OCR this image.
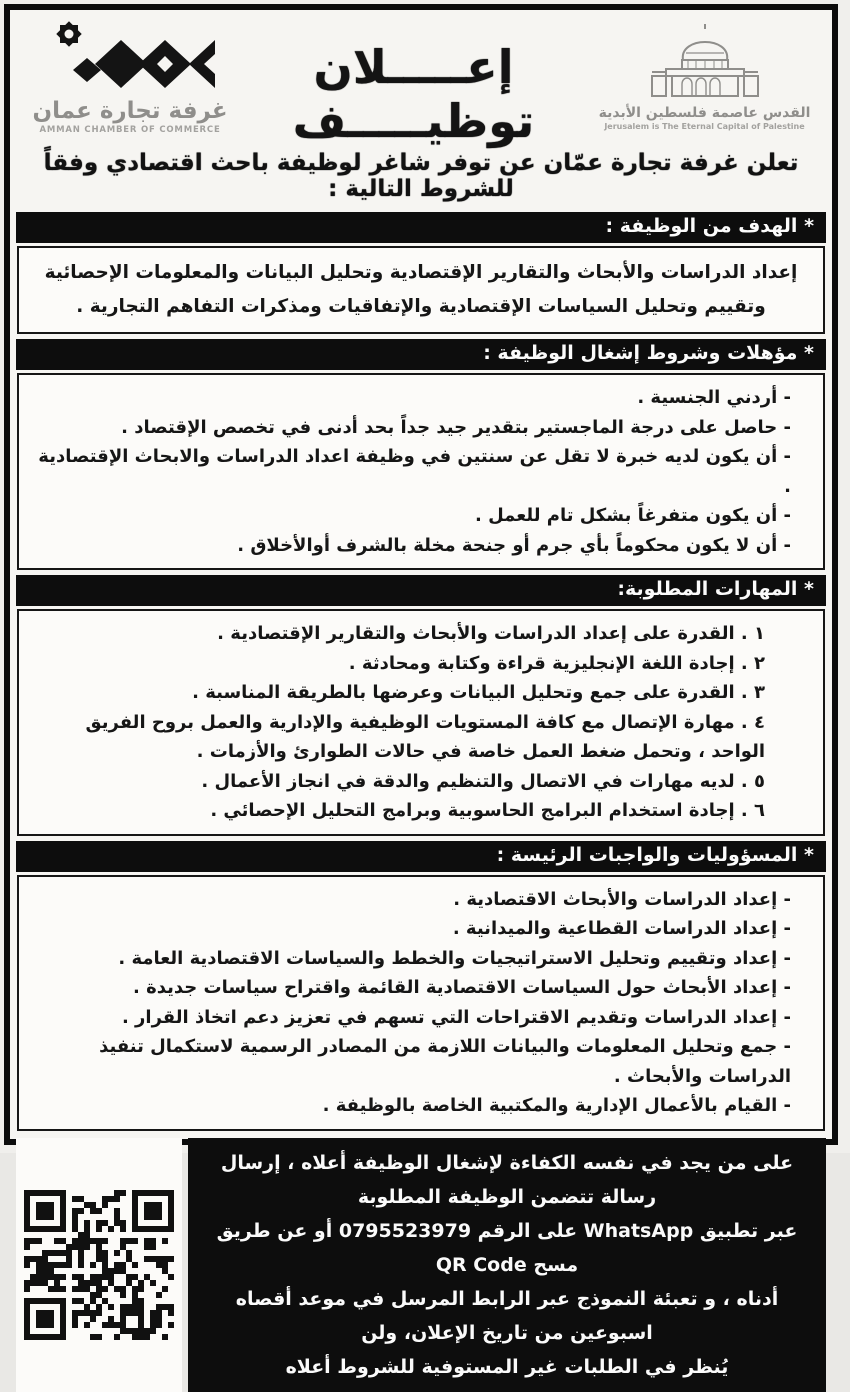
غرفة تجارة عمان
AMMAN CHAMBER OF COMMERCE
إعـــــلان توظيـــــف	القدس عاصمة فلسطين الأبدية
Jerusalem is The Eternal Capital of Palestine
تعلن غرفة تجارة عمّان عن توفر شاغر لوظيفة باحث اقتصادي وفقاً للشروط التالية :
* الهدف من الوظيفة :

إعداد الدراسات والأبحاث والتقارير الإقتصادية وتحليل البيانات والمعلومات الإحصائية وتقييم وتحليل السياسات الإقتصادية والإتفاقيات ومذكرات التفاهم التجارية .

* مؤهلات وشروط إشغال الوظيفة :
- أردني الجنسية .
- حاصل على درجة الماجستير بتقدير جيد جداً بحد أدنى في تخصص الإقتصاد .
- أن يكون لديه خبرة لا تقل عن سنتين في وظيفة اعداد الدراسات والابحاث الإقتصادية .
- أن يكون متفرغاً بشكل تام للعمل .
- أن لا يكون محكوماً بأي جرم أو جنحة مخلة بالشرف أوالأخلاق .
* المهارات المطلوبة:
١ . القدرة على إعداد الدراسات والأبحاث والتقارير الإقتصادية .
٢ . إجادة اللغة الإنجليزية قراءة وكتابة ومحادثة .
٣ . القدرة على جمع وتحليل البيانات وعرضها بالطريقة المناسبة .
٤ . مهارة الإتصال مع كافة المستويات الوظيفية والإدارية والعمل بروح الفريق الواحد ، وتحمل ضغط العمل خاصة في حالات الطوارئ والأزمات .
٥ . لديه مهارات في الاتصال والتنظيم والدقة في انجاز الأعمال .
٦ . إجادة استخدام البرامج الحاسوبية وبرامج التحليل الإحصائي .
* المسؤوليات والواجبات الرئيسة :
- إعداد الدراسات والأبحاث الاقتصادية .
- إعداد الدراسات القطاعية والميدانية .
- إعداد وتقييم وتحليل الاستراتيجيات والخطط والسياسات الاقتصادية العامة .
- إعداد الأبحاث حول السياسات الاقتصادية القائمة واقتراح سياسات جديدة .
- إعداد الدراسات وتقديم الاقتراحات التي تسهم في تعزيز دعم اتخاذ القرار .
- جمع وتحليل المعلومات والبيانات اللازمة من المصادر الرسمية لاستكمال تنفيذ الدراسات والأبحاث .
- القيام بالأعمال الإدارية والمكتبية الخاصة بالوظيفة .
على من يجد في نفسه الكفاءة لإشغال الوظيفة أعلاه ، إرسال رسالة تتضمن الوظيفة المطلوبة
عبر تطبيق WhatsApp على الرقم 0795523979 أو عن طريق مسح QR Code
أدناه ، و تعبئة النموذج عبر الرابط المرسل في موعد أقصاه اسبوعين من تاريخ الإعلان، ولن
يُنظر في الطلبات غير المستوفية للشروط أعلاه
